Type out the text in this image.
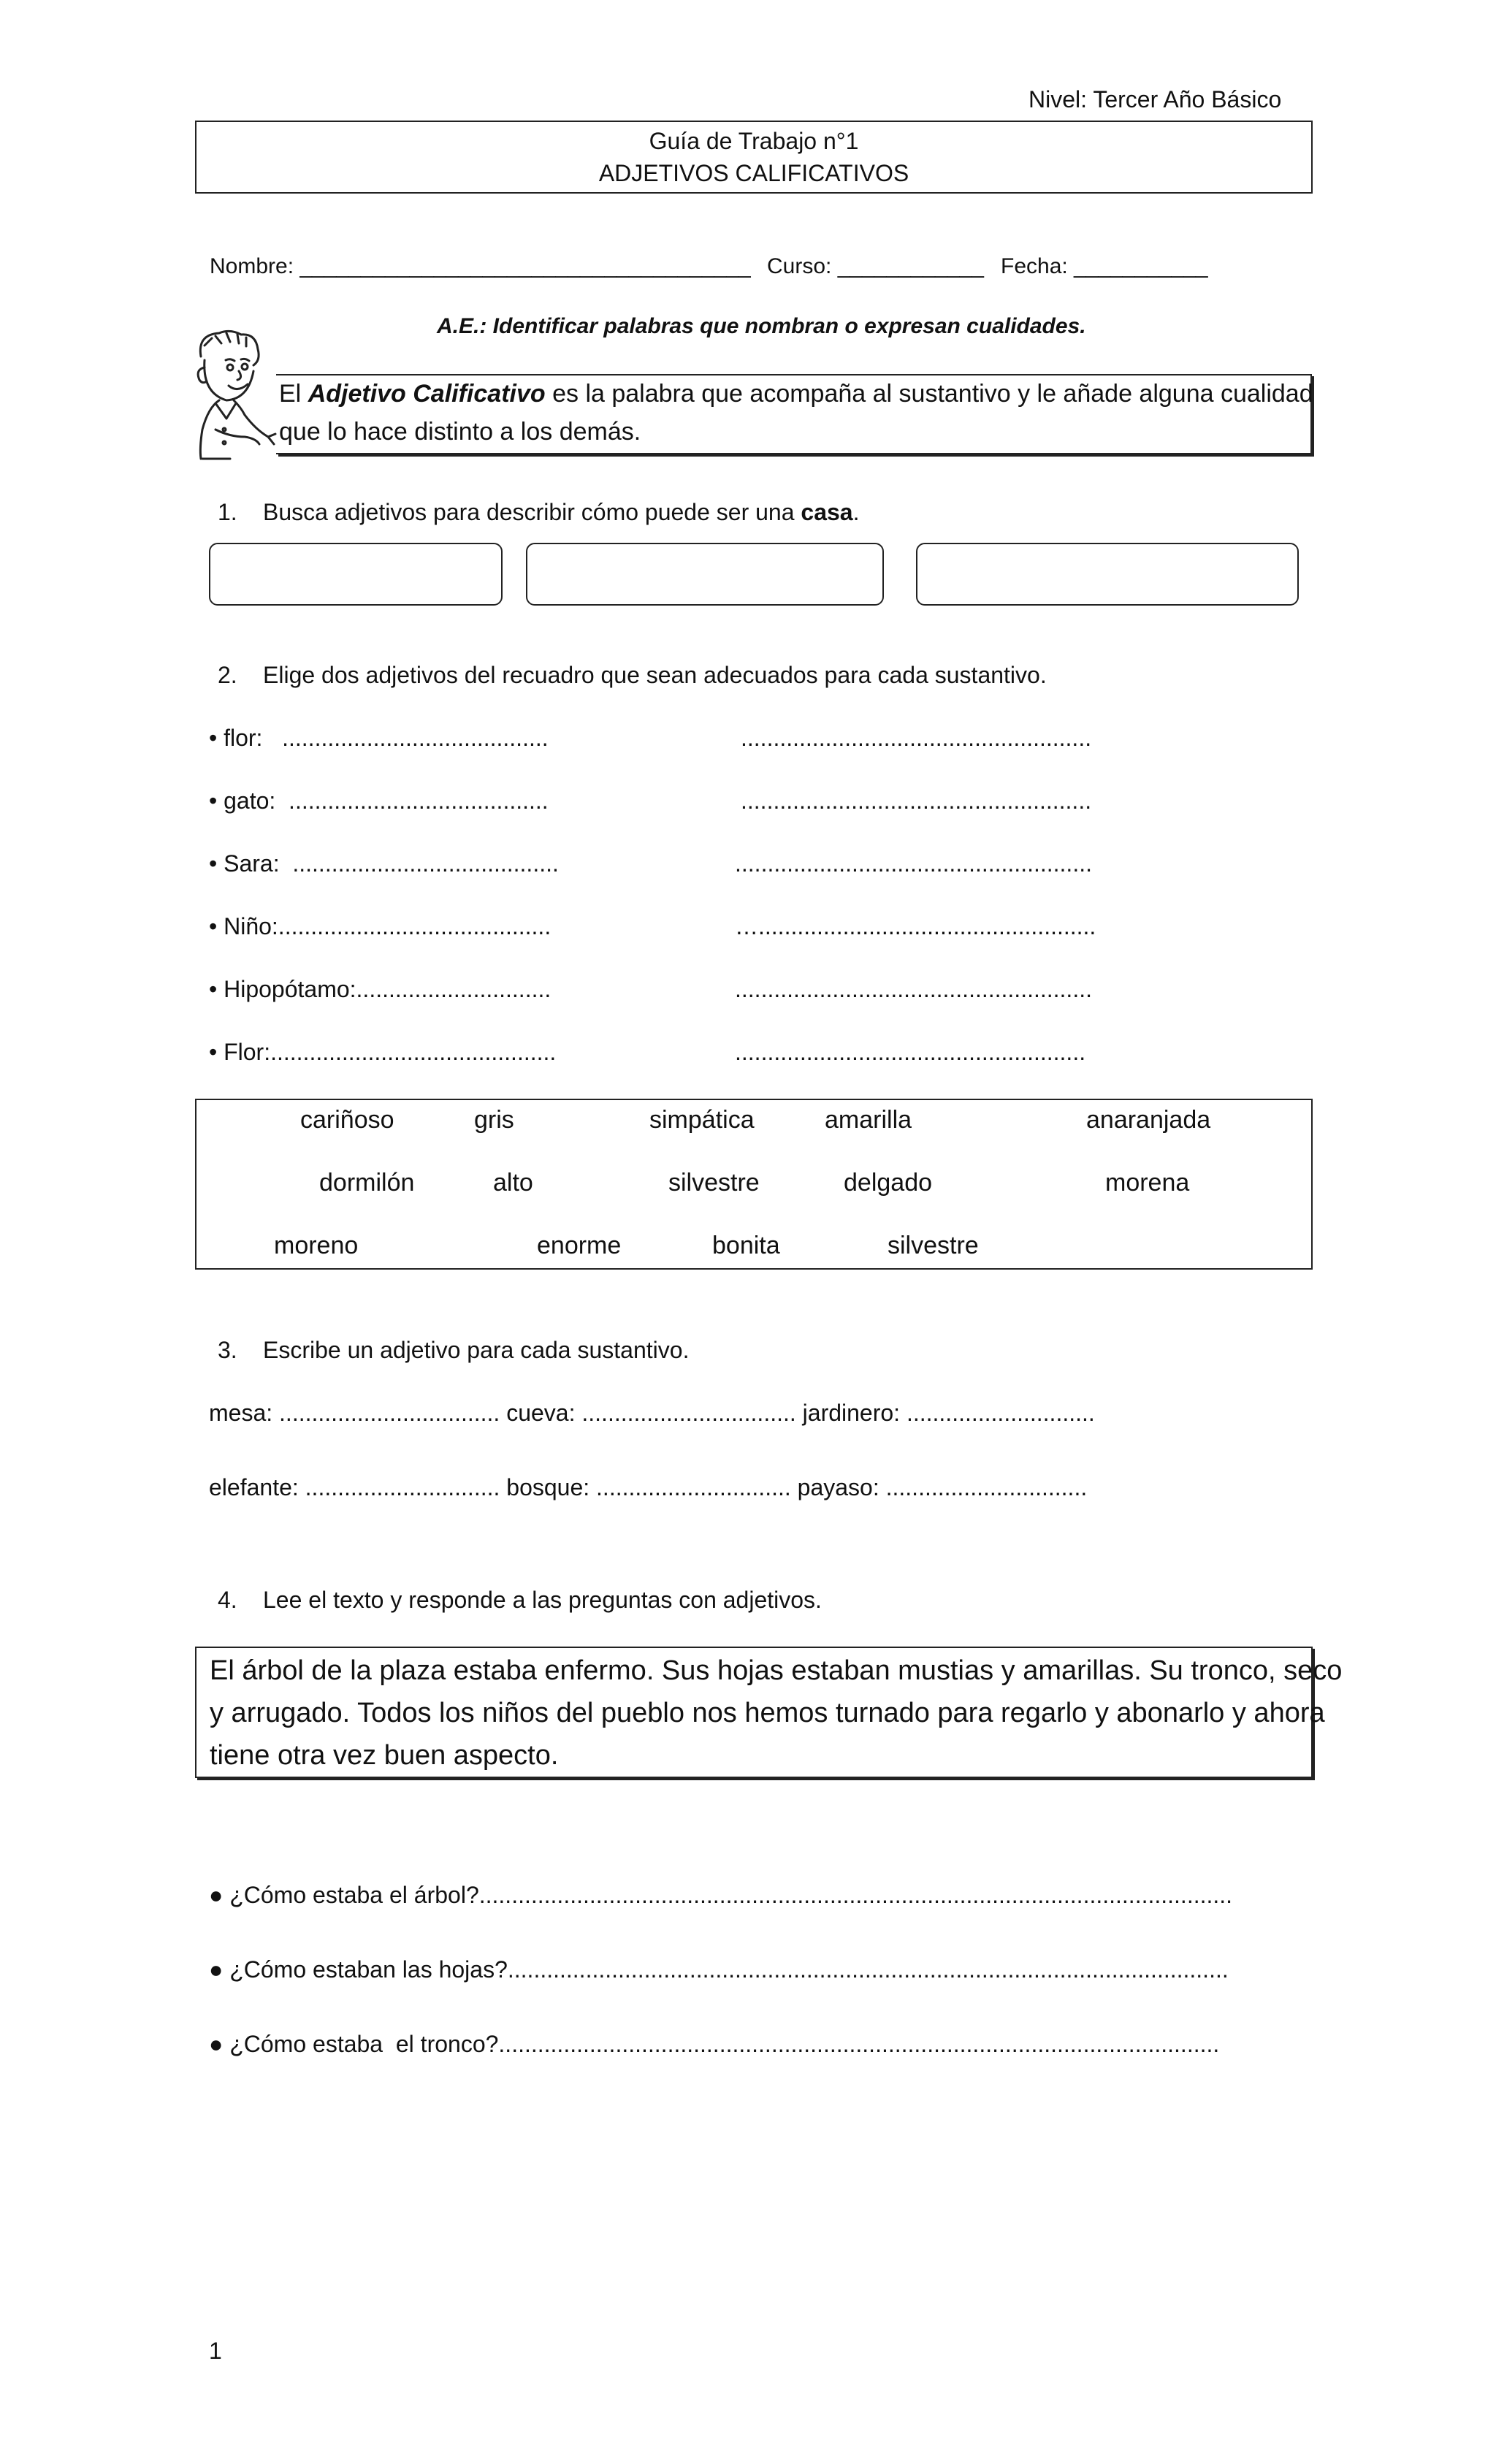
Nivel: Tercer Año Básico
Guía de Trabajo n°1
ADJETIVOS CALIFICATIVOS
Nombre: _____________________________________ Curso: ____________ Fecha: ___________
A.E.: Identificar palabras que nombran o expresan cualidades.
El Adjetivo Calificativo es la palabra que acompaña al sustantivo y le añade alguna cualidad
que lo hace distinto a los demás.
1. Busca adjetivos para describir cómo puede ser una casa.
2. Elige dos adjetivos del recuadro que sean adecuados para cada sustantivo.
• flor:   .........................................	......................................................
• gato:  ........................................	......................................................
• Sara:  .........................................	.......................................................
• Niño:..........................................	…....................................................
• Hipopótamo:..............................	.......................................................
• Flor:............................................	......................................................
cariñoso	gris	simpática	amarilla	anaranjada
dormilón	alto	silvestre	delgado	morena
moreno	enorme	bonita	silvestre
3. Escribe un adjetivo para cada sustantivo.
mesa: .................................. cueva: ................................. jardinero: .............................
elefante: .............................. bosque: .............................. payaso: ...............................
4. Lee el texto y responde a las preguntas con adjetivos.
El árbol de la plaza estaba enfermo. Sus hojas estaban mustias y amarillas. Su tronco, seco
y arrugado. Todos los niños del pueblo nos hemos turnado para regarlo y abonarlo y ahora
tiene otra vez buen aspecto.
● ¿Cómo estaba el árbol?....................................................................................................................
● ¿Cómo estaban las hojas?...............................................................................................................
● ¿Cómo estaba  el tronco?...............................................................................................................
1
